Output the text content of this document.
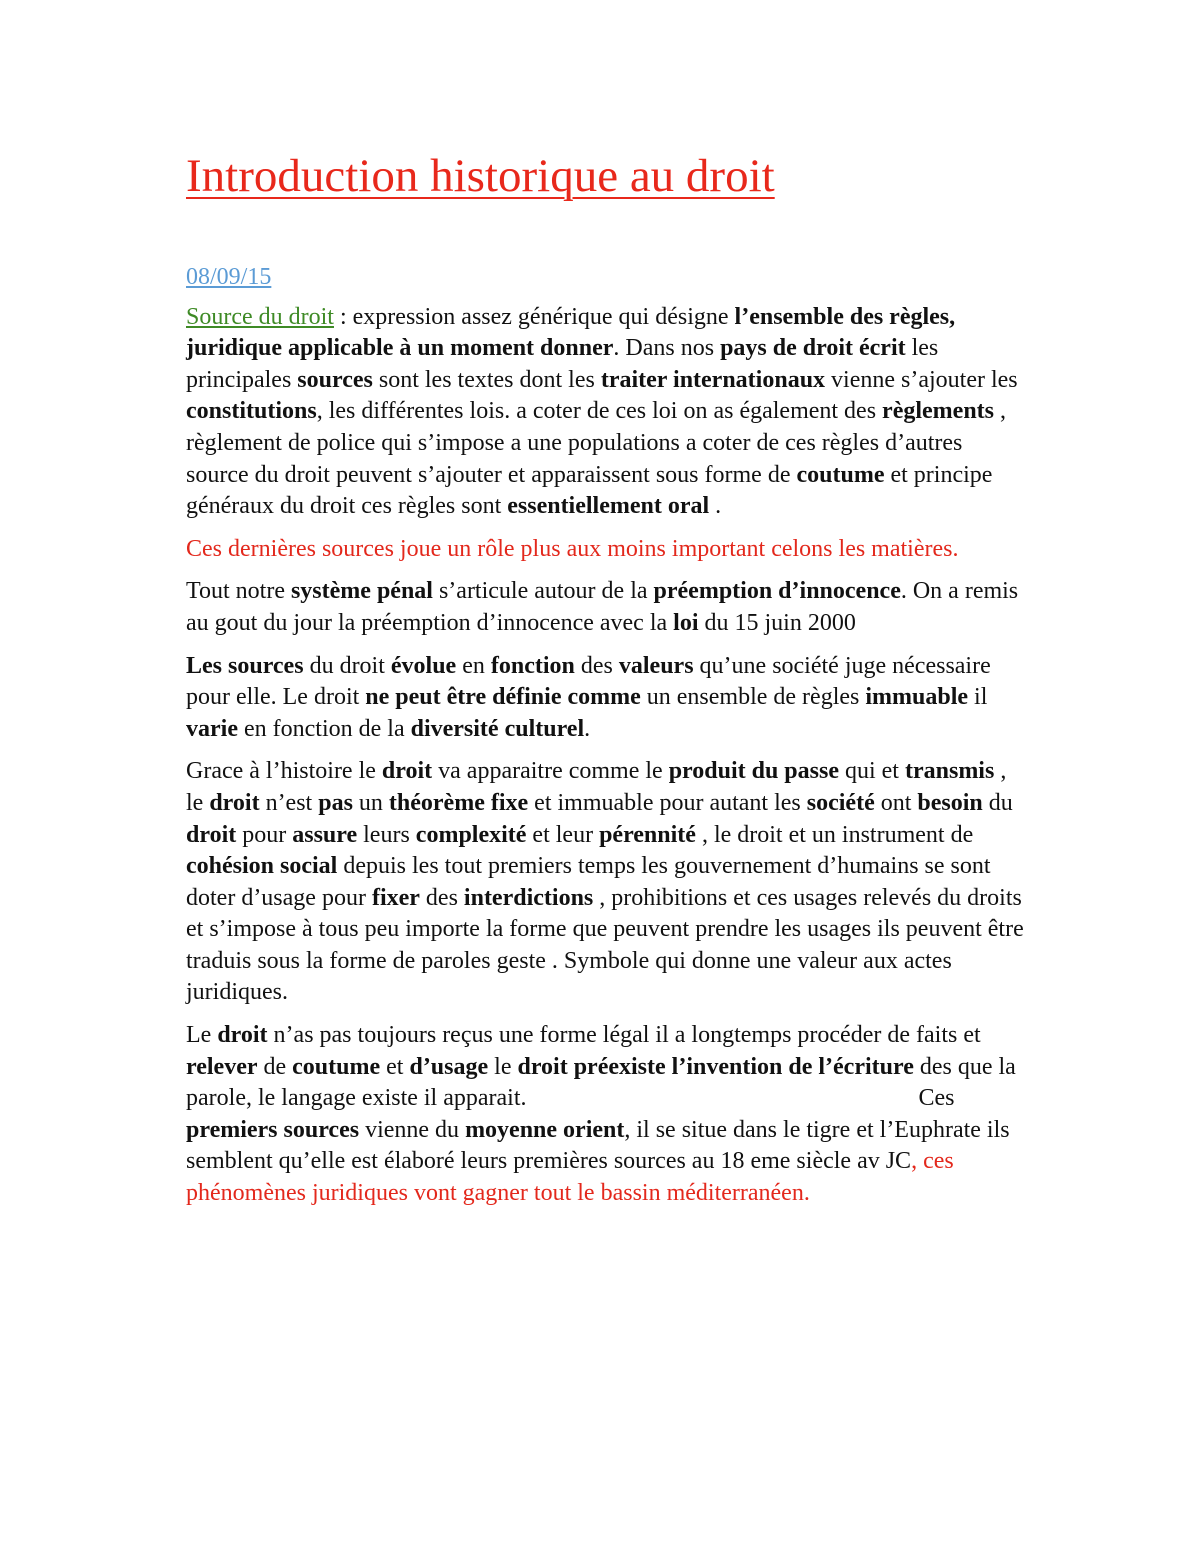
Introduction historique au droit

08/09/15

Source du droit : expression assez générique qui désigne l’ensemble des règles, juridique applicable à un moment donner. Dans nos pays de droit écrit les principales sources sont les textes dont les traiter internationaux vienne s’ajouter les constitutions, les différentes lois. a coter de ces loi on as également des règlements , règlement de police qui s’impose a une populations a coter de ces règles d’autres source du droit peuvent s’ajouter et apparaissent sous forme de coutume et principe généraux du droit ces règles sont essentiellement oral .

Ces dernières sources joue un rôle plus aux moins important celons les matières.

Tout notre système pénal s’articule autour de la préemption d’innocence. On a remis au gout du jour la préemption d’innocence avec la loi du 15 juin 2000

Les sources du droit évolue en fonction des valeurs qu’une société juge nécessaire pour elle. Le droit ne peut être définie comme un ensemble de règles immuable il varie en fonction de la diversité culturel.

Grace à l’histoire le droit va apparaitre comme le produit du passe qui et transmis , le droit n’est pas un théorème fixe et immuable pour autant les société ont besoin du droit pour assure leurs complexité et leur pérennité , le droit et un instrument de cohésion social depuis les tout premiers temps les gouvernement d’humains se sont doter d’usage pour fixer des interdictions , prohibitions et ces usages relevés du droits et s’impose à tous peu importe la forme que peuvent prendre les usages ils peuvent être traduis sous la forme de paroles geste . Symbole qui donne une valeur aux actes juridiques.

Le droit n’as pas toujours reçus une forme légal il a longtemps procéder de faits et relever de coutume et d’usage le droit préexiste l’invention de l’écriture des que la parole, le langage existe il apparait.	Ces premiers sources vienne du moyenne orient, il se situe dans le tigre et l’Euphrate ils semblent qu’elle est élaboré leurs premières sources au 18 eme siècle av JC, ces phénomènes juridiques vont gagner tout le bassin méditerranéen.
